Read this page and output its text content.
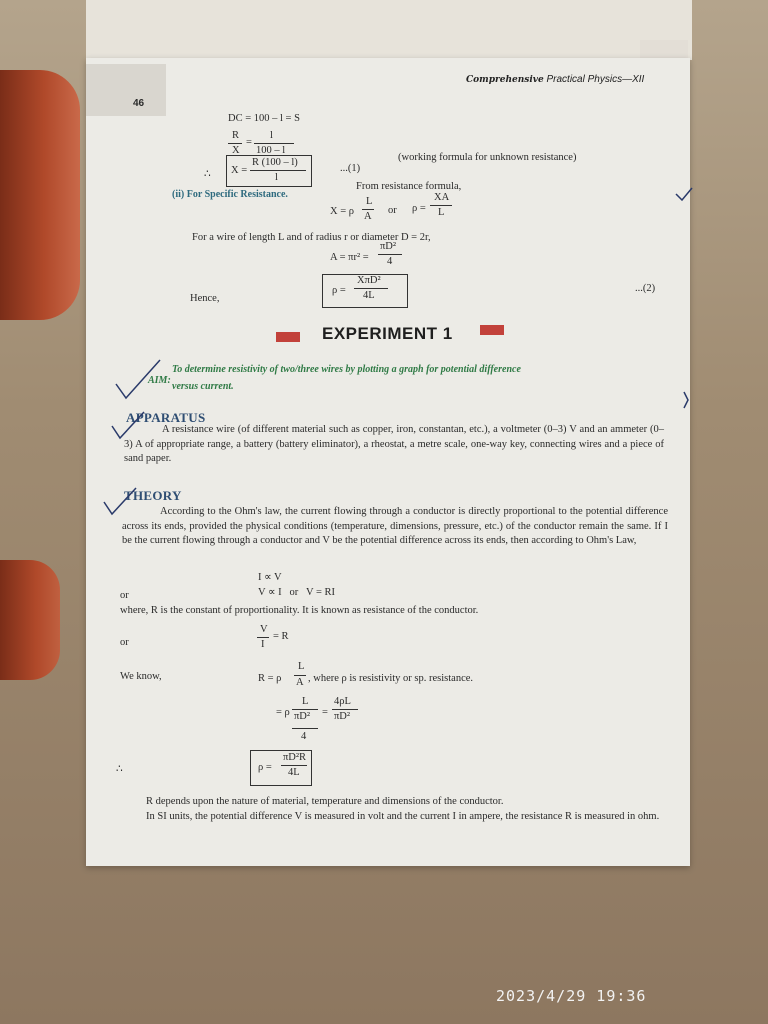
46
Comprehensive Practical Physics—XII
DC = 100 – l = S
R
X
=
l
100 – l
∴ X =
R (100 – l)
l
...(1)
(working formula for unknown resistance)
(ii) For Specific Resistance.
From resistance formula,
X = ρ
L
A
or ρ =
XA
L
For a wire of length L and of radius r or diameter D = 2r,
A = πr² =
πD²
4
Hence,
ρ =
XπD²
4L
...(2)
EXPERIMENT 1
AIM:
To determine resistivity of two/three wires by plotting a graph for potential difference
versus current.
APPARATUS
A resistance wire (of different material such as copper, iron, constantan, etc.), a voltmeter (0–3) V and an ammeter (0–3) A of appropriate range, a battery (battery eliminator), a rheostat, a metre scale, one-way key, connecting wires and a piece of sand paper.
THEORY
According to the Ohm's law, the current flowing through a conductor is directly proportional to the potential difference across its ends, provided the physical conditions (temperature, dimensions, pressure, etc.) of the conductor remain the same. If I be the current flowing through a conductor and V be the potential difference across its ends, then according to Ohm's Law,
I ∝ V
or	V ∝ I   or   V = RI
where, R is the constant of proportionality. It is known as resistance of the conductor.
or
V
I
= R
We know,	R = ρ
L
A , where ρ is resistivity or sp. resistance.
= ρ
L
πD²
4
=
4ρL
πD²
∴	ρ =
πD²R
4L
R depends upon the nature of material, temperature and dimensions of the conductor.
In SI units, the potential difference V is measured in volt and the current I in ampere, the resistance R is measured in ohm.
2023/4/29 19:36
